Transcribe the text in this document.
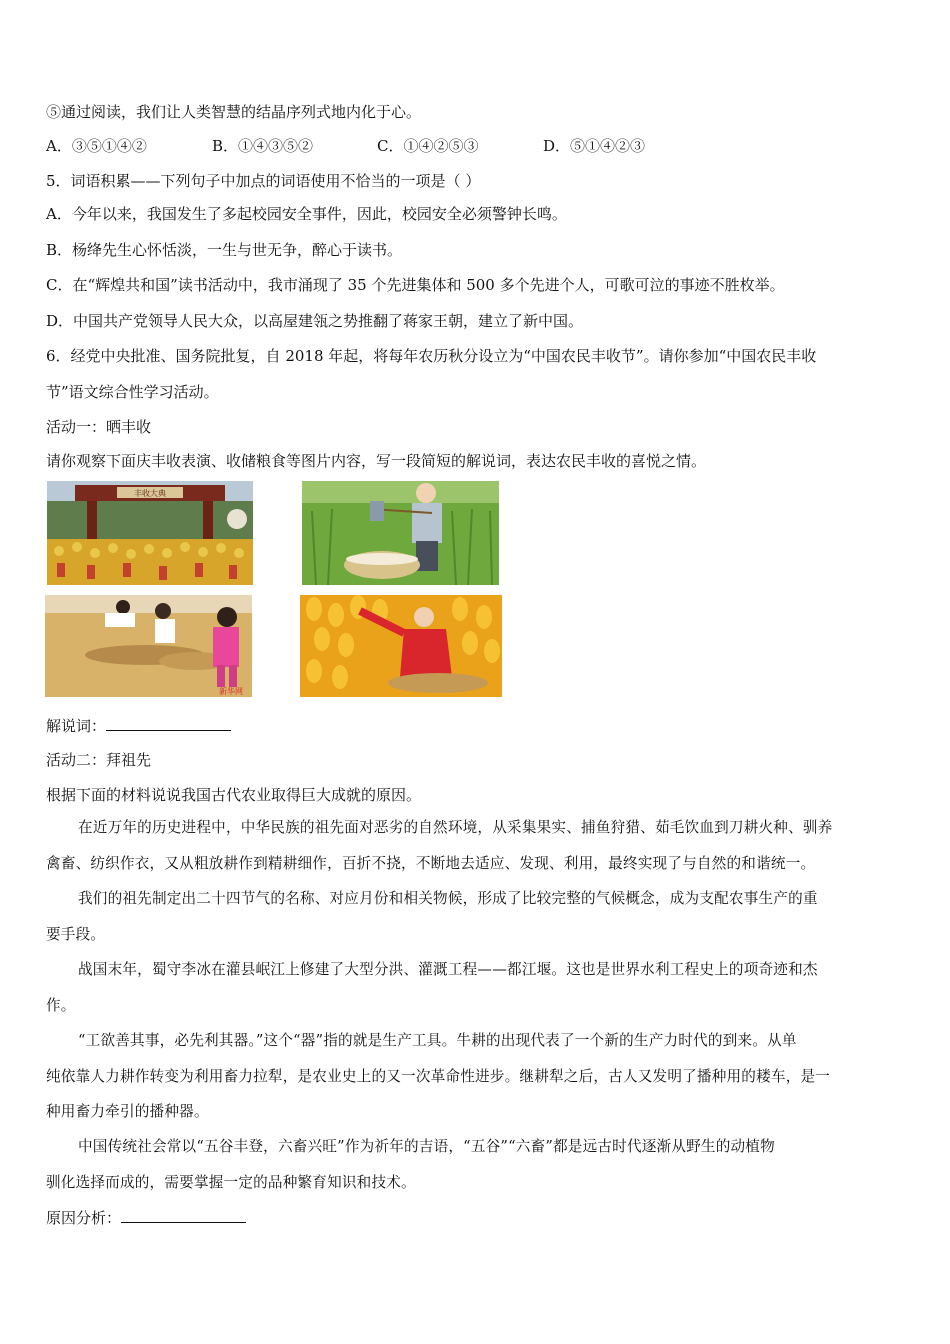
⑤通过阅读，我们让人类智慧的结晶序列式地内化于心。
A．③⑤①④②	B．①④③⑤②	C．①④②⑤③	D．⑤①④②③
5．词语积累——下列句子中加点的词语使用不恰当的一项是（ ）
A．今年以来，我国发生了多起校园安全事件，因此，校园安全必须警钟长鸣。
B．杨绛先生心怀恬淡，一生与世无争，醉心于读书。
C．在“辉煌共和国”读书活动中，我市涌现了 35 个先进集体和 500 多个先进个人，可歌可泣的事迹不胜枚举。
D．中国共产党领导人民大众，以高屋建瓴之势推翻了蒋家王朝，建立了新中国。
6．经党中央批准、国务院批复，自 2018 年起，将每年农历秋分设立为“中国农民丰收节”。请你参加“中国农民丰收
节”语文综合性学习活动。
活动一：晒丰收
请你观察下面庆丰收表演、收储粮食等图片内容，写一段简短的解说词，表达农民丰收的喜悦之情。
丰收大典
新华网
解说词：
活动二：拜祖先
根据下面的材料说说我国古代农业取得巨大成就的原因。
在近万年的历史进程中，中华民族的祖先面对恶劣的自然环境，从采集果实、捕鱼狩猎、茹毛饮血到刀耕火种、驯养
禽畜、纺织作衣，又从粗放耕作到精耕细作，百折不挠，不断地去适应、发现、利用，最终实现了与自然的和谐统一。
我们的祖先制定出二十四节气的名称、对应月份和相关物候，形成了比较完整的气候概念，成为支配农事生产的重
要手段。
战国末年，蜀守李冰在灌县岷江上修建了大型分洪、灌溉工程——都江堰。这也是世界水利工程史上的项奇迹和杰
作。
“工欲善其事，必先利其器。”这个“器”指的就是生产工具。牛耕的出现代表了一个新的生产力时代的到来。从单
纯依靠人力耕作转变为利用畜力拉犁，是农业史上的又一次革命性进步。继耕犁之后，古人又发明了播种用的耧车，是一
种用畜力牵引的播种器。
中国传统社会常以“五谷丰登，六畜兴旺”作为祈年的吉语，“五谷”“六畜”都是远古时代逐渐从野生的动植物
驯化选择而成的，需要掌握一定的品种繁育知识和技术。
原因分析：
